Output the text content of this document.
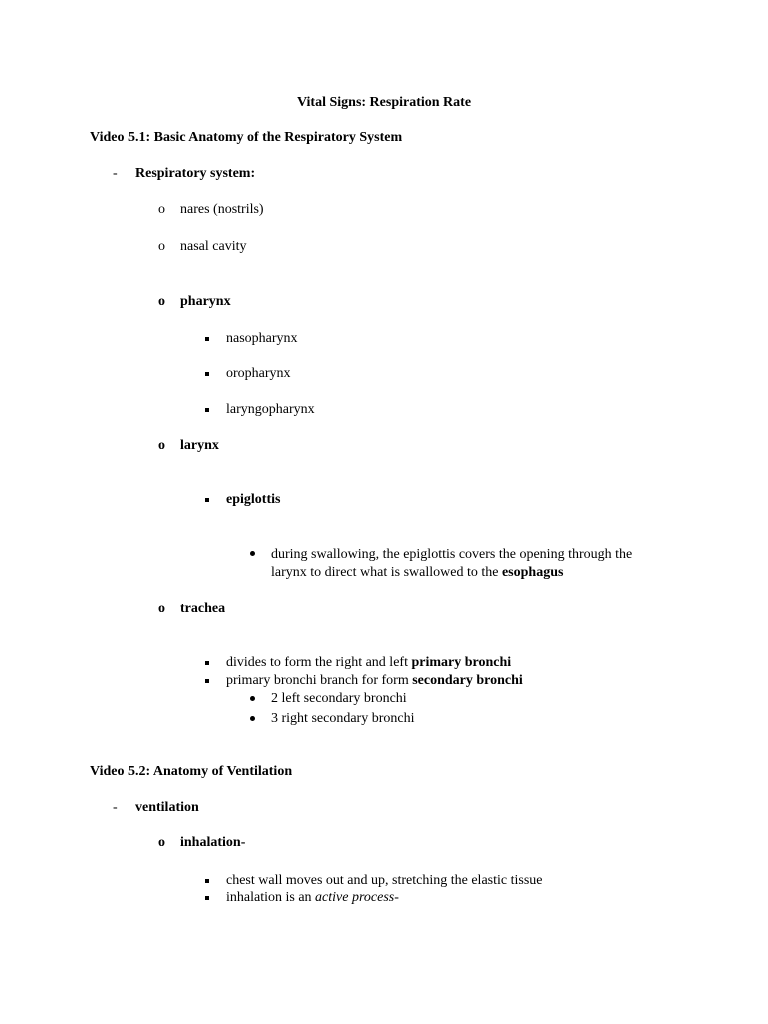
Vital Signs: Respiration Rate
Video 5.1: Basic Anatomy of the Respiratory System
- Respiratory system:
o nares (nostrils)
o nasal cavity
o pharynx
nasopharynx
oropharynx
laryngopharynx
o larynx
epiglottis
during swallowing, the epiglottis covers the opening through the
larynx to direct what is swallowed to the esophagus
o trachea
divides to form the right and left primary bronchi
primary bronchi branch for form secondary bronchi
2 left secondary bronchi
3 right secondary bronchi
Video 5.2: Anatomy of Ventilation
- ventilation
o inhalation-
chest wall moves out and up, stretching the elastic tissue
inhalation is an active process-
